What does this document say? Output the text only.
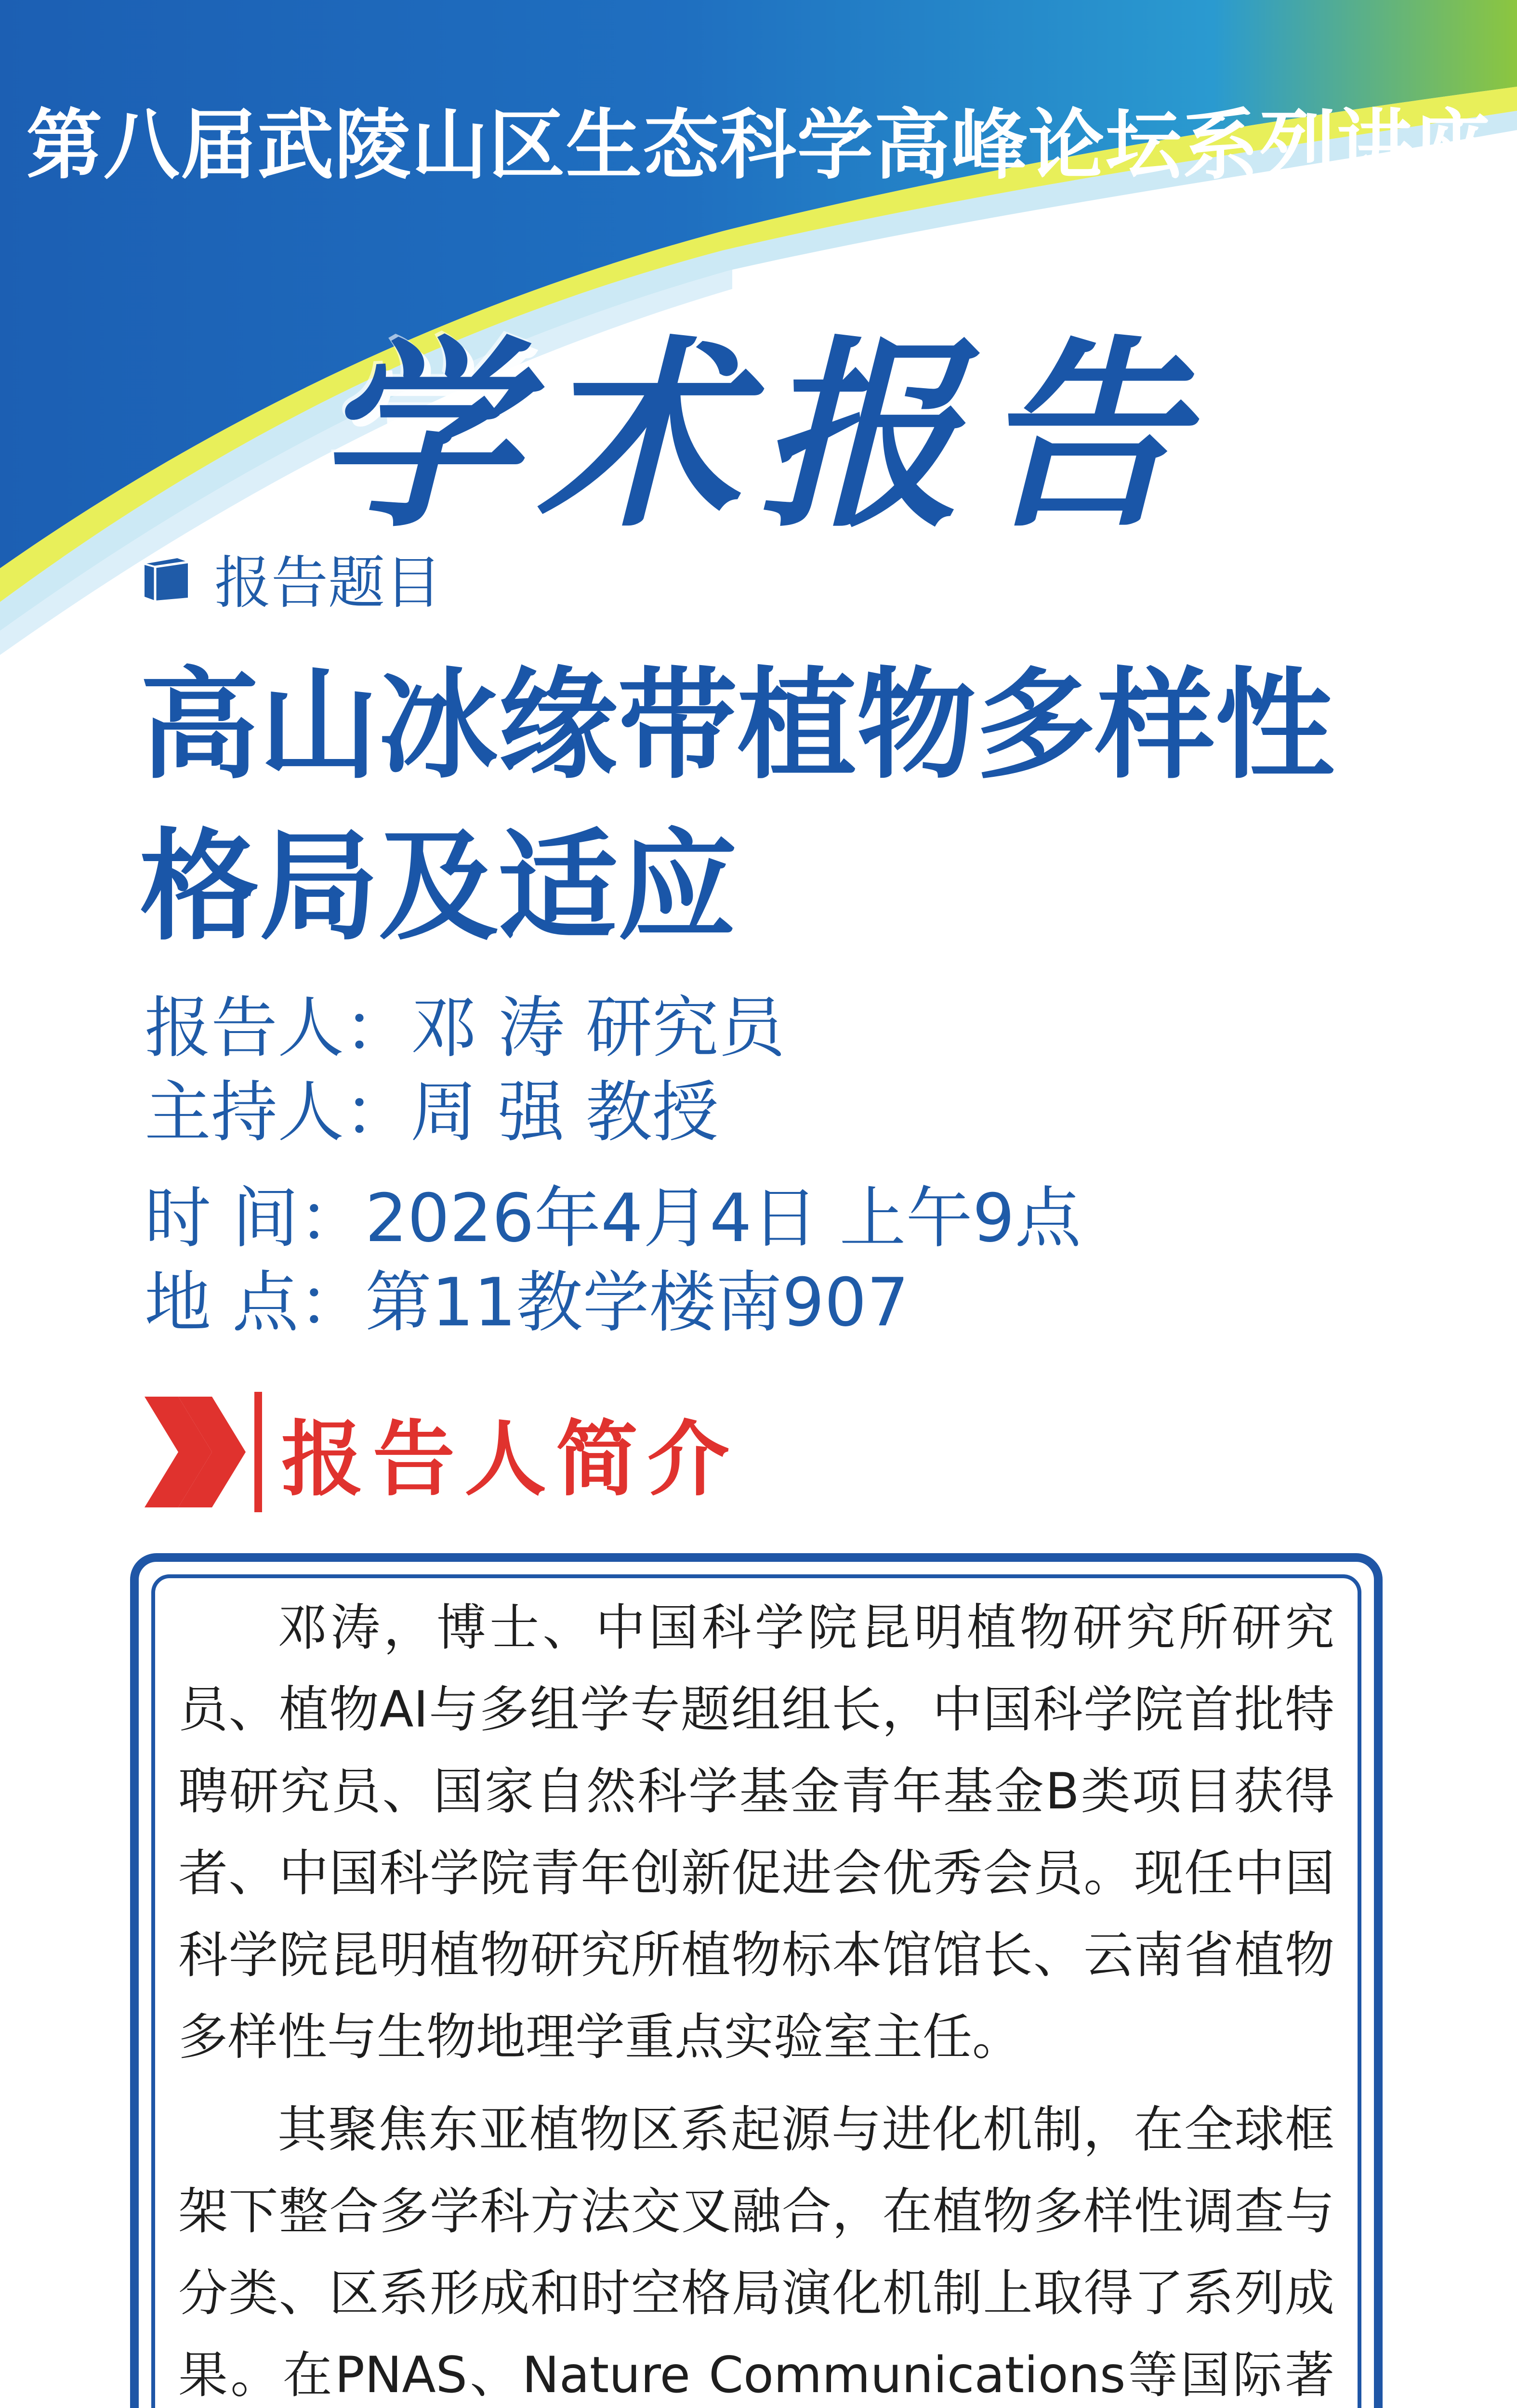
第八届武陵山区生态科学高峰论坛系列讲座
学术报告
报告题目
高山冰缘带植物多样性
格局及适应
报告人：邓 涛 研究员
主持人：周 强 教授
时 间：2026年4月4日 上午9点
地 点：第11教学楼南907
报告人简介

邓涛，博士、中国科学院昆明植物研究所研究员、植物AI与多组学专题组组长，中国科学院首批特聘研究员、国家自然科学基金青年基金B类项目获得者、中国科学院青年创新促进会优秀会员。现任中国科学院昆明植物研究所植物标本馆馆长、云南省植物多样性与生物地理学重点实验室主任。

其聚焦东亚植物区系起源与进化机制，在全球框架下整合多学科方法交叉融合，在植物多样性调查与分类、区系形成和时空格局演化机制上取得了系列成果。在PNAS、Nature Communications等国际著
